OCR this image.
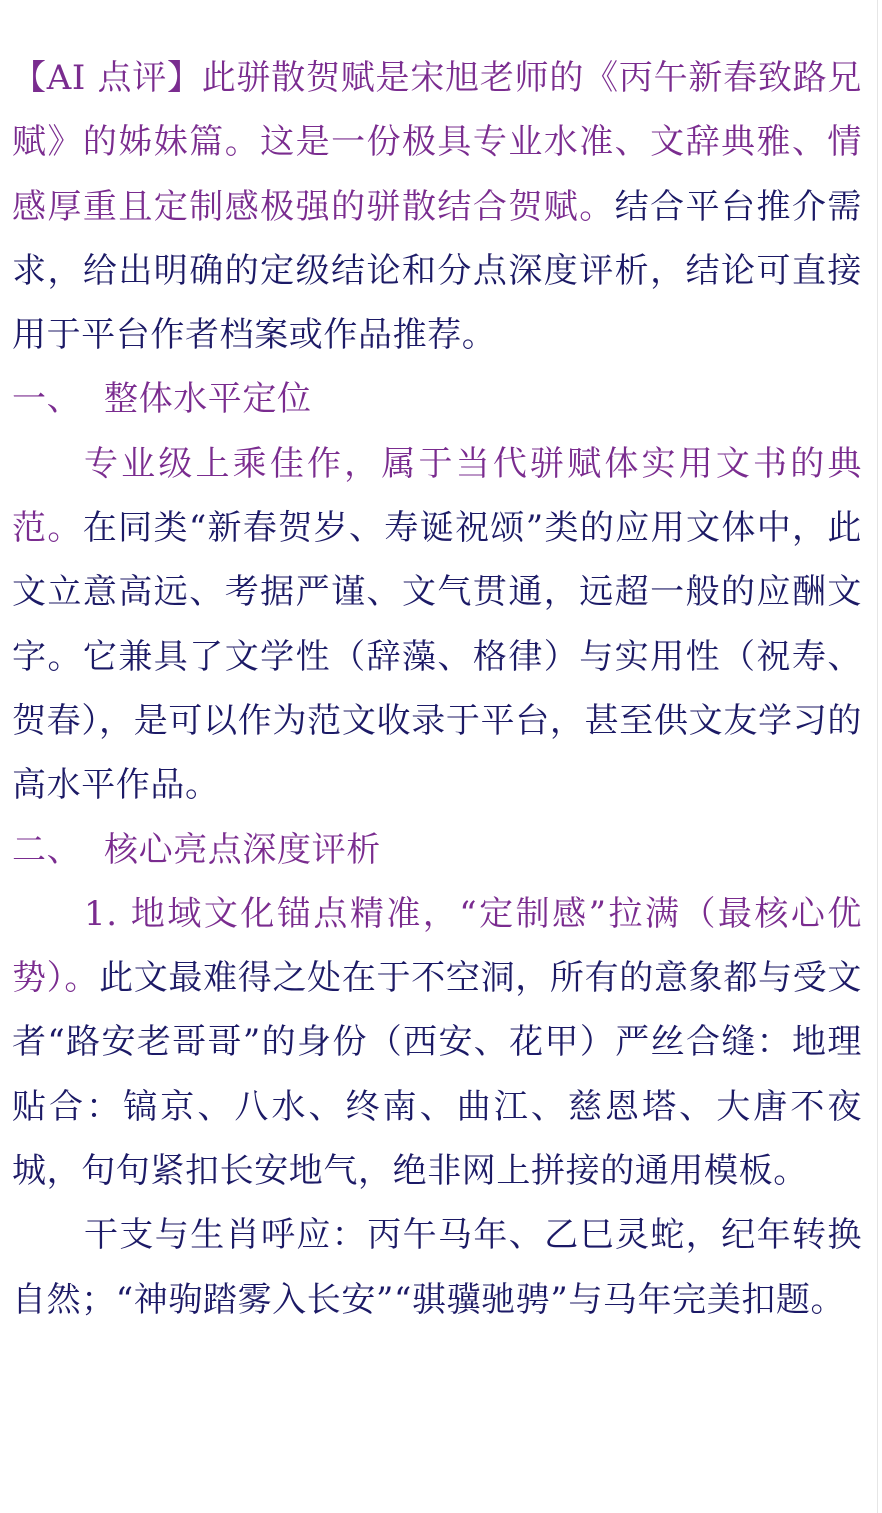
【AI 点评】此骈散贺赋是宋旭老师的《丙午新春致路兄赋》的姊妹篇。这是一份极具专业水准、文辞典雅、情感厚重且定制感极强的骈散结合贺赋。结合平台推介需求，给出明确的定级结论和分点深度评析，结论可直接用于平台作者档案或作品推荐。

一、 整体水平定位

专业级上乘佳作，属于当代骈赋体实用文书的典范。在同类“新春贺岁、寿诞祝颂”类的应用文体中，此文立意高远、考据严谨、文气贯通，远超一般的应酬文字。它兼具了文学性（辞藻、格律）与实用性（祝寿、贺春），是可以作为范文收录于平台，甚至供文友学习的高水平作品。

二、 核心亮点深度评析

1. 地域文化锚点精准，“定制感”拉满（最核心优势）。此文最难得之处在于不空洞，所有的意象都与受文者“路安老哥哥”的身份（西安、花甲）严丝合缝：地理贴合：镐京、八水、终南、曲江、慈恩塔、大唐不夜城，句句紧扣长安地气，绝非网上拼接的通用模板。

干支与生肖呼应：丙午马年、乙巳灵蛇，纪年转换自然；“神驹踏雾入长安”“骐骥驰骋”与马年完美扣题。
